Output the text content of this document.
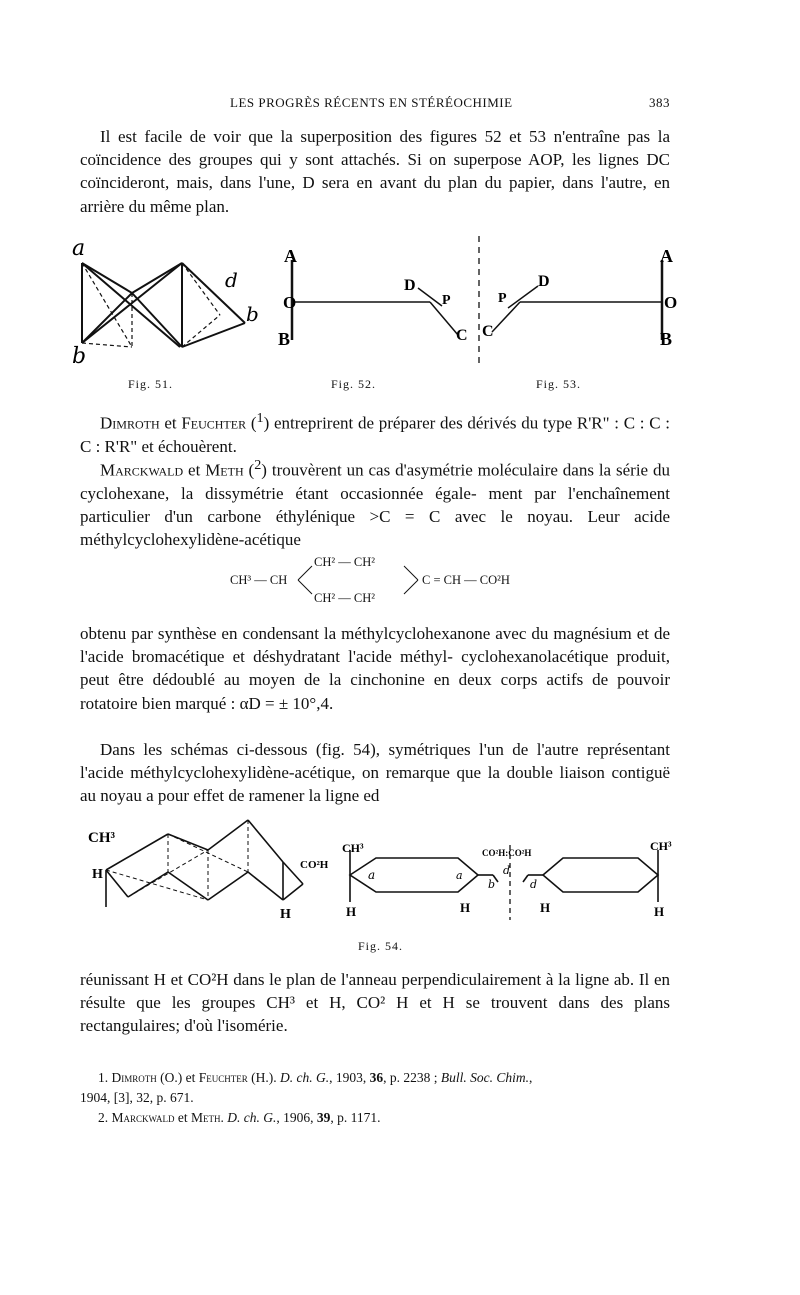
LES PROGRÈS RÉCENTS EN STÉRÉOCHIMIE	383
Il est facile de voir que la superposition des figures 52 et 53 n'entraîne pas la coïncidence des groupes qui y sont attachés. Si on superpose AOP, les lignes DC coïncideront, mais, dans l'une, D sera en avant du plan du papier, dans l'autre, en arrière du même plan.
a
d
b
b
A
O
B
D
P
C
A
O
B
D
P
C
Fig. 51.	Fig. 52.	Fig. 53.
Dimroth et Feuchter ($^1$) entreprirent de préparer des dérivés du type R'R" : C : C : C : R'R" et échouèrent.
Marckwald et Meth ($^2$) trouvèrent un cas d'asymétrie moléculaire dans la série du cyclohexane, la dissymétrie étant occasionnée égale- ment par l'enchaînement particulier d'un carbone éthylénique >C = C avec le noyau. Leur acide méthylcyclohexylidène-acétique
CH² — CH²
CH³ — CH	C = CH — CO²H
CH² — CH²
obtenu par synthèse en condensant la méthylcyclohexanone avec du magnésium et de l'acide bromacétique et déshydratant l'acide méthyl- cyclohexanolacétique produit, peut être dédoublé au moyen de la cinchonine en deux corps actifs de pouvoir rotatoire bien marqué : αD = ± 10°,4.
Dans les schémas ci-dessous (fig. 54), symétriques l'un de l'autre représentant l'acide méthylcyclohexylidène-acétique, on remarque que la double liaison contiguë au noyau a pour effet de ramener la ligne ed
CH³
H
CO²H
H
CH³	CO²H:CO²H	CH³
H	H	H	H
a	a
b
d
d
Fig. 54.
réunissant H et CO²H dans le plan de l'anneau perpendiculairement à la ligne ab. Il en résulte que les groupes CH³ et H, CO² H et H se trouvent dans des plans rectangulaires; d'où l'isomérie.
1. Dimroth (O.) et Feuchter (H.). D. ch. G., 1903, 36, p. 2238 ; Bull. Soc. Chim.,
1904, [3], 32, p. 671.
2. Marckwald et Meth. D. ch. G., 1906, 39, p. 1171.
